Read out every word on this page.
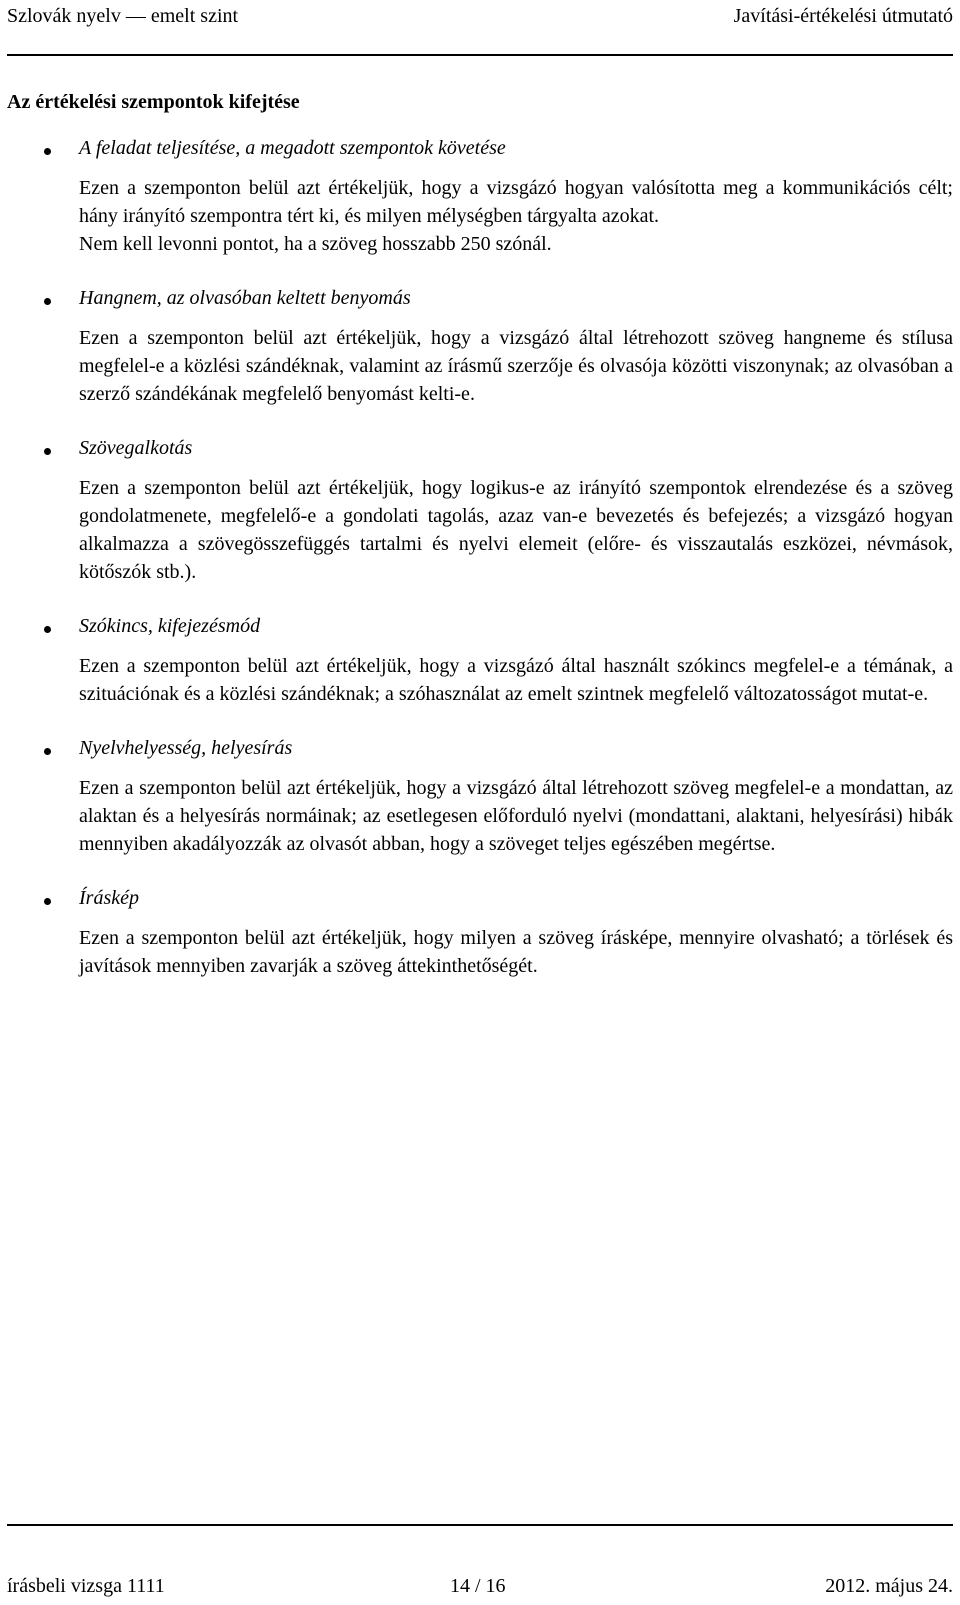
Szlovák nyelv — emelt szint	Javítási-értékelési útmutató

Az értékelési szempontok kifejtése

A feladat teljesítése, a megadott szempontok követése

Ezen a szemponton belül azt értékeljük, hogy a vizsgázó hogyan valósította meg a kommunikációs célt; hány irányító szempontra tért ki, és milyen mélységben tárgyalta azokat.

Nem kell levonni pontot, ha a szöveg hosszabb 250 szónál.

Hangnem, az olvasóban keltett benyomás

Ezen a szemponton belül azt értékeljük, hogy a vizsgázó által létrehozott szöveg hangneme és stílusa megfelel-e a közlési szándéknak, valamint az írásmű szerzője és olvasója közötti viszonynak; az olvasóban a szerző szándékának megfelelő benyomást kelti-e.

Szövegalkotás

Ezen a szemponton belül azt értékeljük, hogy logikus-e az irányító szempontok elrendezése és a szöveg gondolatmenete, megfelelő-e a gondolati tagolás, azaz van-e bevezetés és befejezés; a vizsgázó hogyan alkalmazza a szövegösszefüggés tartalmi és nyelvi elemeit (előre- és visszautalás eszközei, névmások, kötőszók stb.).

Szókincs, kifejezésmód

Ezen a szemponton belül azt értékeljük, hogy a vizsgázó által használt szókincs megfelel-e a témának, a szituációnak és a közlési szándéknak; a szóhasználat az emelt szintnek megfelelő változatosságot mutat-e.

Nyelvhelyesség, helyesírás

Ezen a szemponton belül azt értékeljük, hogy a vizsgázó által létrehozott szöveg megfelel-e a mondattan, az alaktan és a helyesírás normáinak; az esetlegesen előforduló nyelvi (mondattani, alaktani, helyesírási) hibák mennyiben akadályozzák az olvasót abban, hogy a szöveget teljes egészében megértse.

Íráskép

Ezen a szemponton belül azt értékeljük, hogy milyen a szöveg írásképe, mennyire olvasható; a törlések és javítások mennyiben zavarják a szöveg áttekinthetőségét.

írásbeli vizsga 1111	14 / 16	2012. május 24.
